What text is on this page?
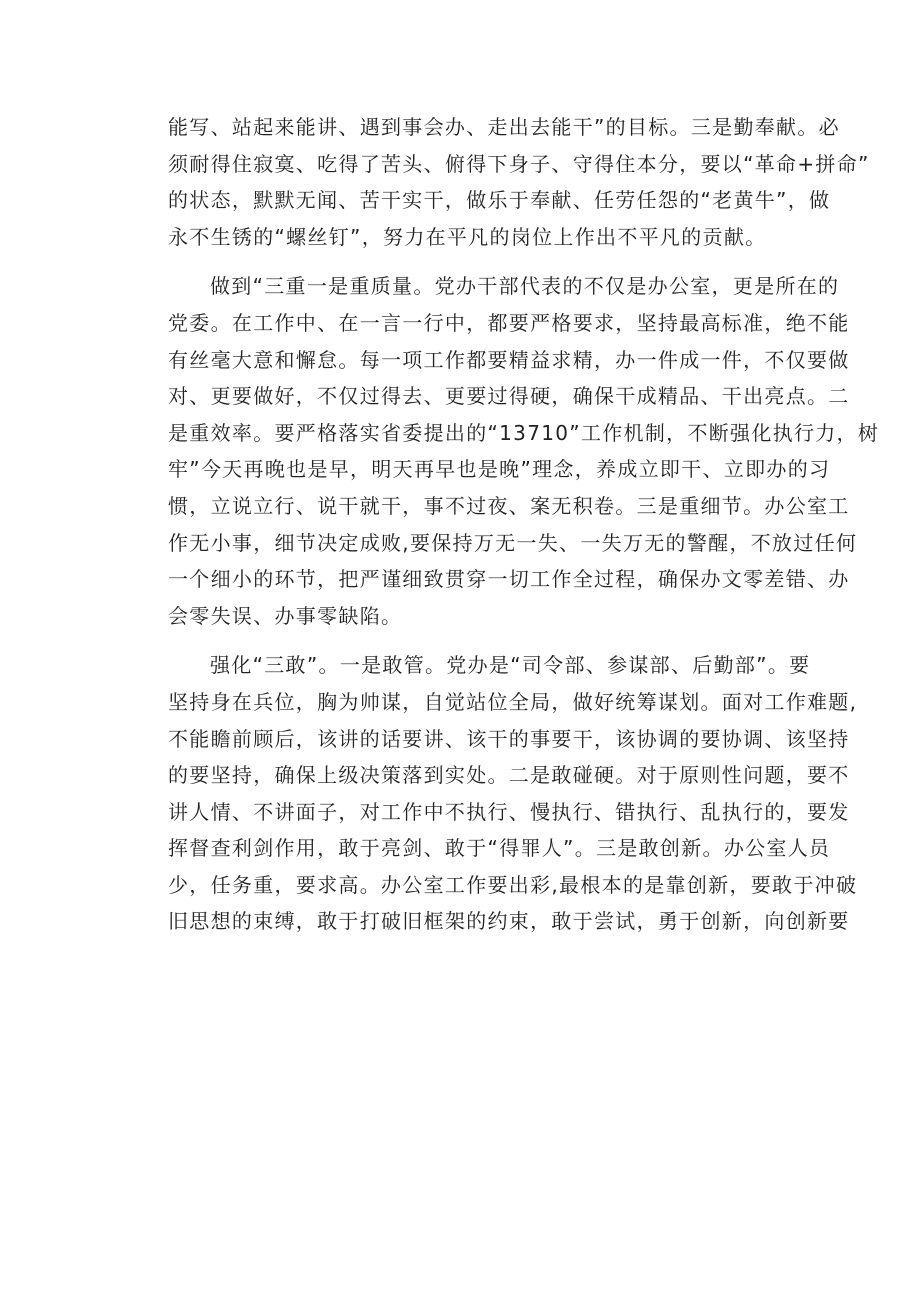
能写、站起来能讲、遇到事会办、走出去能干”的目标。三是勤奉献。必
须耐得住寂寞、吃得了苦头、俯得下身子、守得住本分，要以“革命+拼命”
的状态，默默无闻、苦干实干，做乐于奉献、任劳任怨的“老黄牛”，做
永不生锈的“螺丝钉”，努力在平凡的岗位上作出不平凡的贡献。
做到“三重一是重质量。党办干部代表的不仅是办公室，更是所在的
党委。在工作中、在一言一行中，都要严格要求，坚持最高标准，绝不能
有丝毫大意和懈怠。每一项工作都要精益求精，办一件成一件，不仅要做
对、更要做好，不仅过得去、更要过得硬，确保干成精品、干出亮点。二
是重效率。要严格落实省委提出的“13710”工作机制，不断强化执行力，树
牢”今天再晚也是早，明天再早也是晚”理念，养成立即干、立即办的习
惯，立说立行、说干就干，事不过夜、案无积卷。三是重细节。办公室工
作无小事，细节决定成败,要保持万无一失、一失万无的警醒，不放过任何
一个细小的环节，把严谨细致贯穿一切工作全过程，确保办文零差错、办
会零失误、办事零缺陷。
强化“三敢”。一是敢管。党办是“司令部、参谋部、后勤部”。要
坚持身在兵位，胸为帅谋，自觉站位全局，做好统筹谋划。面对工作难题,
不能瞻前顾后，该讲的话要讲、该干的事要干，该协调的要协调、该坚持
的要坚持，确保上级决策落到实处。二是敢碰硬。对于原则性问题，要不
讲人情、不讲面子，对工作中不执行、慢执行、错执行、乱执行的，要发
挥督查利剑作用，敢于亮剑、敢于“得罪人”。三是敢创新。办公室人员
少，任务重，要求高。办公室工作要出彩,最根本的是靠创新，要敢于冲破
旧思想的束缚，敢于打破旧框架的约束，敢于尝试，勇于创新，向创新要
